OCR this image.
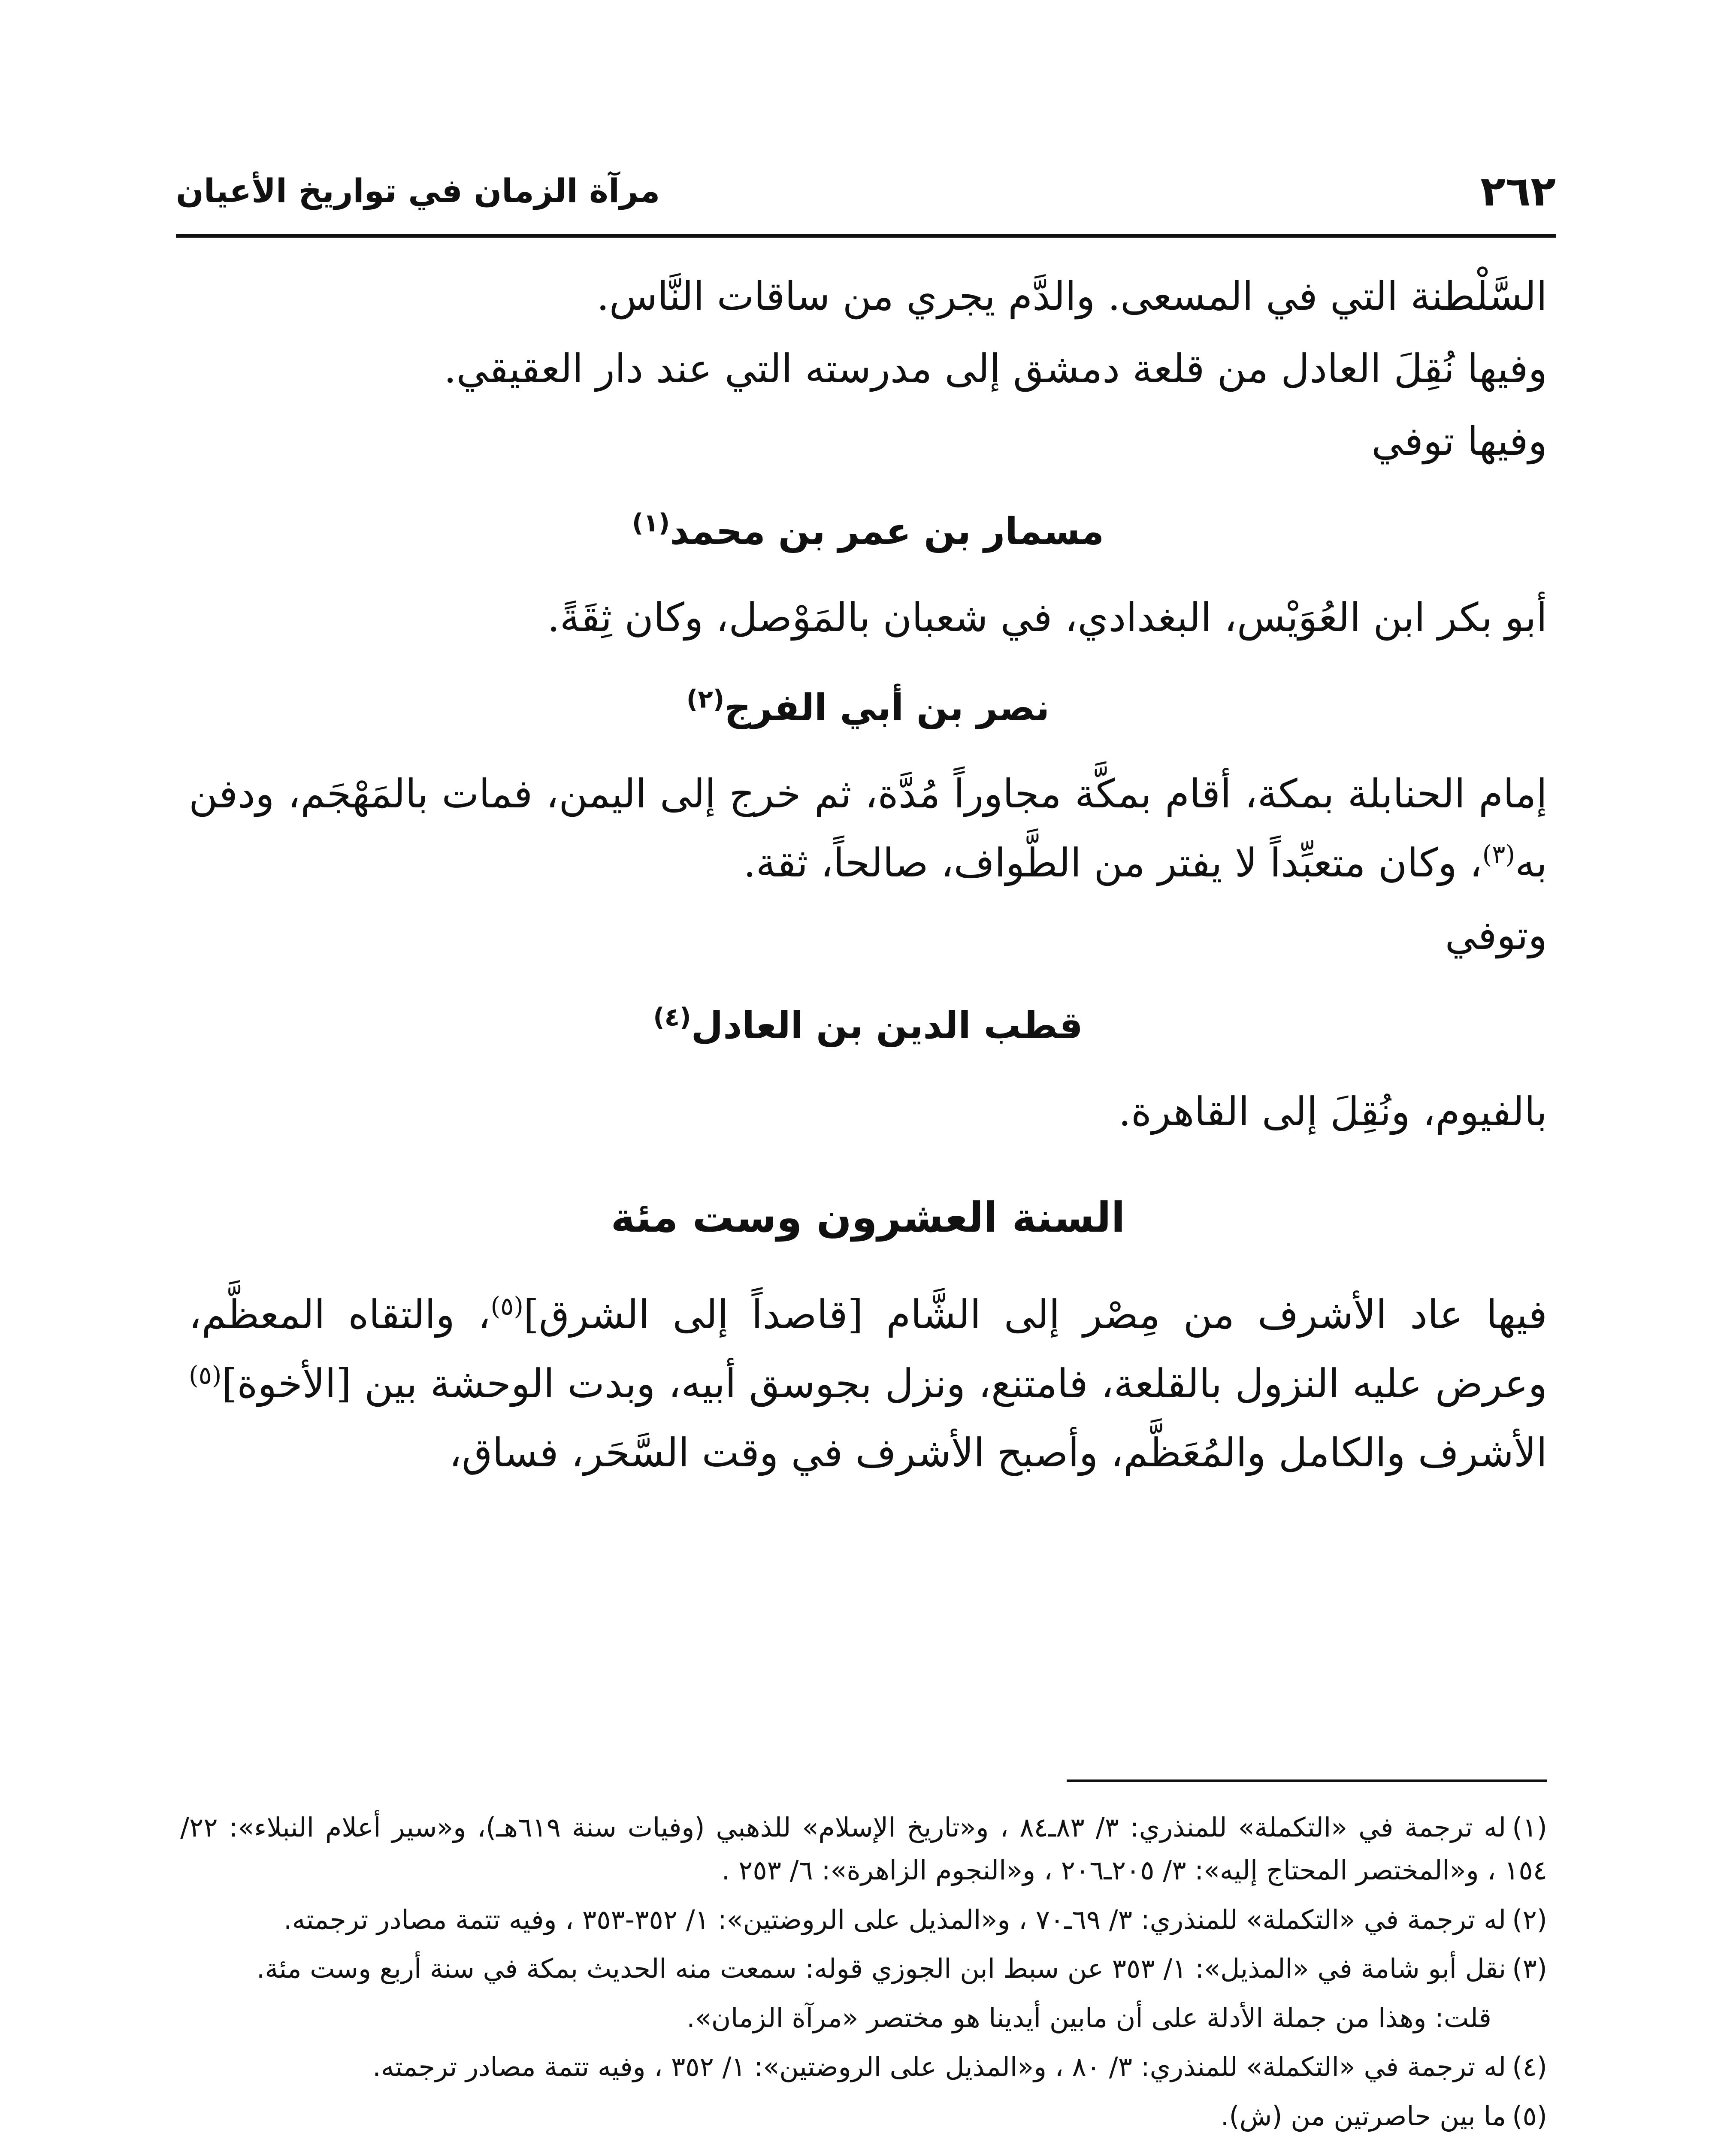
٢٦٢
مرآة الزمان في تواريخ الأعيان

السَّلْطنة التي في المسعى. والدَّم يجري من ساقات النَّاس.

وفيها نُقِلَ العادل من قلعة دمشق إلى مدرسته التي عند دار العقيقي.

وفيها توفي

مسمار بن عمر بن محمد$^{(١)}$

أبو بكر ابن العُوَيْس، البغدادي، في شعبان بالمَوْصل، وكان ثِقَةً.

نصر بن أبي الفرج$^{(٢)}$

إمام الحنابلة بمكة، أقام بمكَّة مجاوراً مُدَّة، ثم خرج إلى اليمن، فمات بالمَهْجَم، ودفن به$^{(٣)}$، وكان متعبِّداً لا يفتر من الطَّواف، صالحاً، ثقة.

وتوفي

قطب الدين بن العادل$^{(٤)}$

بالفيوم، ونُقِلَ إلى القاهرة.

السنة العشرون وست مئة

فيها عاد الأشرف من مِصْر إلى الشَّام [قاصداً إلى الشرق]$^{(٥)}$، والتقاه المعظَّم، وعرض عليه النزول بالقلعة، فامتنع، ونزل بجوسق أبيه، وبدت الوحشة بين [الأخوة]$^{(٥)}$ الأشرف والكامل والمُعَظَّم، وأصبح الأشرف في وقت السَّحَر، فساق،

(١)له ترجمة في «التكملة» للمنذري: ٣/ ٨٣ـ٨٤ ، و«تاريخ الإسلام» للذهبي (وفيات سنة ٦١٩هـ)، و«سير أعلام النبلاء»: ٢٢/ ١٥٤ ، و«المختصر المحتاج إليه»: ٣/ ٢٠٥ـ٢٠٦ ، و«النجوم الزاهرة»: ٦/ ٢٥٣ .

(٢)له ترجمة في «التكملة» للمنذري: ٣/ ٦٩ـ٧٠ ، و«المذيل على الروضتين»: ١/ ٣٥٢-٣٥٣ ، وفيه تتمة مصادر ترجمته.

(٣)نقل أبو شامة في «المذيل»: ١/ ٣٥٣ عن سبط ابن الجوزي قوله: سمعت منه الحديث بمكة في سنة أربع وست مئة.

قلت: وهذا من جملة الأدلة على أن مابين أيدينا هو مختصر «مرآة الزمان».

(٤)له ترجمة في «التكملة» للمنذري: ٣/ ٨٠ ، و«المذيل على الروضتين»: ١/ ٣٥٢ ، وفيه تتمة مصادر ترجمته.

(٥)ما بين حاصرتين من (ش).
